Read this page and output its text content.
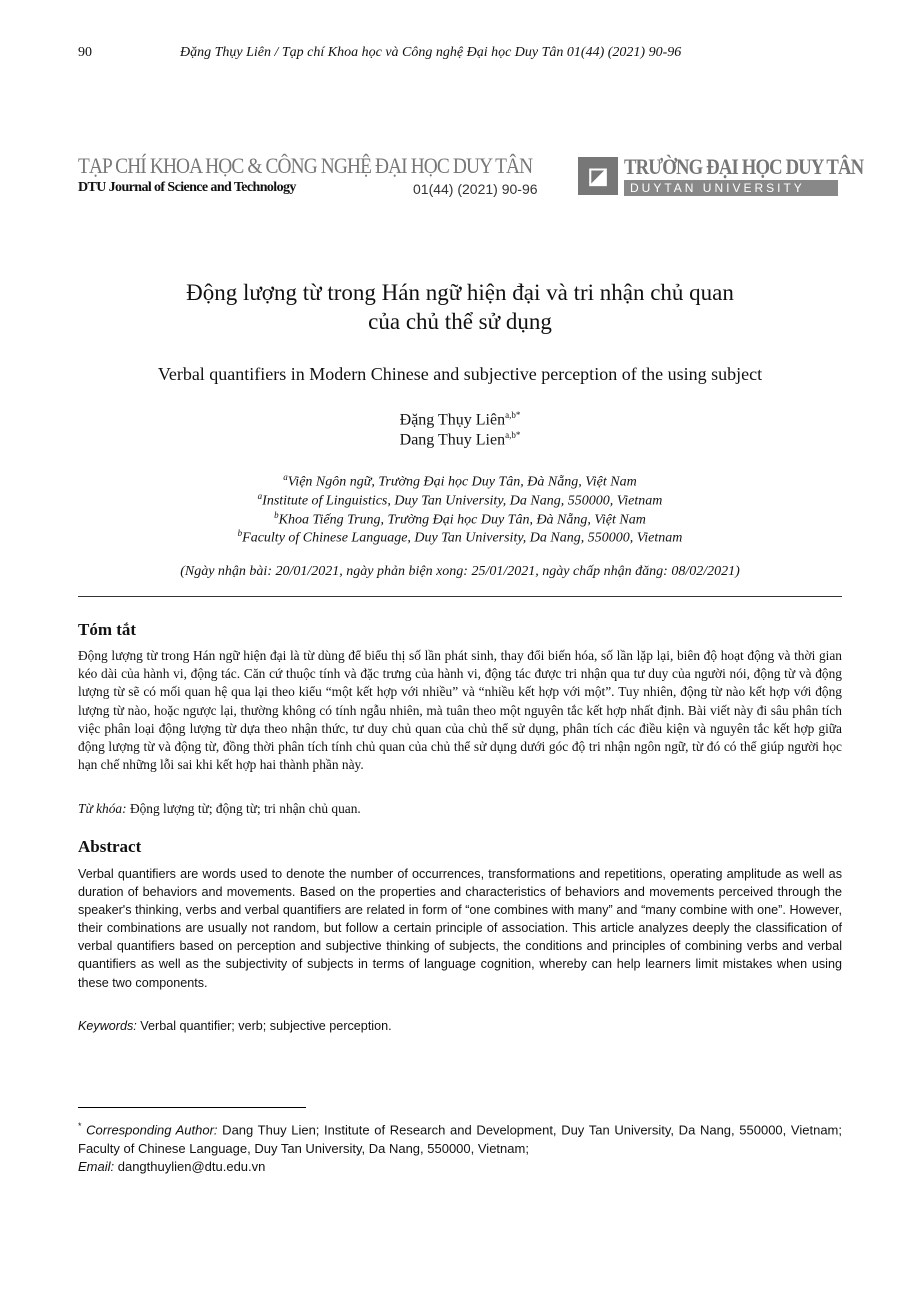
90	Đặng Thụy Liên / Tạp chí Khoa học và Công nghệ Đại học Duy Tân 01(44) (2021) 90-96
TẠP CHÍ KHOA HỌC & CÔNG NGHỆ ĐẠI HỌC DUY TÂN
DTU Journal of Science and Technology	01(44) (2021) 90-96
◪ TRƯỜNG ĐẠI HỌC DUY TÂN
DUYTAN UNIVERSITY
Động lượng từ trong Hán ngữ hiện đại và tri nhận chủ quan
của chủ thể sử dụng
Verbal quantifiers in Modern Chinese and subjective perception of the using subject
Đặng Thụy Liên$^{a,b*}$
Dang Thuy Lien$^{a,b*}$
$^a$Viện Ngôn ngữ, Trường Đại học Duy Tân, Đà Nẵng, Việt Nam
$^a$Institute of Linguistics, Duy Tan University, Da Nang, 550000, Vietnam
$^b$Khoa Tiếng Trung, Trường Đại học Duy Tân, Đà Nẵng, Việt Nam
$^b$Faculty of Chinese Language, Duy Tan University, Da Nang, 550000, Vietnam
(Ngày nhận bài: 20/01/2021, ngày phản biện xong: 25/01/2021, ngày chấp nhận đăng: 08/02/2021)
Tóm tắt
Động lượng từ trong Hán ngữ hiện đại là từ dùng để biểu thị số lần phát sinh, thay đổi biến hóa, số lần lặp lại, biên độ hoạt động và thời gian kéo dài của hành vi, động tác. Căn cứ thuộc tính và đặc trưng của hành vi, động tác được tri nhận qua tư duy của người nói, động từ và động lượng từ sẽ có mối quan hệ qua lại theo kiểu “một kết hợp với nhiều” và “nhiều kết hợp với một”. Tuy nhiên, động từ nào kết hợp với động lượng từ nào, hoặc ngược lại, thường không có tính ngẫu nhiên, mà tuân theo một nguyên tắc kết hợp nhất định. Bài viết này đi sâu phân tích việc phân loại động lượng từ dựa theo nhận thức, tư duy chủ quan của chủ thể sử dụng, phân tích các điều kiện và nguyên tắc kết hợp giữa động lượng từ và động từ, đồng thời phân tích tính chủ quan của chủ thể sử dụng dưới góc độ tri nhận ngôn ngữ, từ đó có thể giúp người học hạn chế những lỗi sai khi kết hợp hai thành phần này.
Từ khóa: Động lượng từ; động từ; tri nhận chủ quan.
Abstract
Verbal quantifiers are words used to denote the number of occurrences, transformations and repetitions, operating amplitude as well as duration of behaviors and movements. Based on the properties and characteristics of behaviors and movements perceived through the speaker's thinking, verbs and verbal quantifiers are related in form of “one combines with many” and “many combine with one”. However, their combinations are usually not random, but follow a certain principle of association. This article analyzes deeply the classification of verbal quantifiers based on perception and subjective thinking of subjects, the conditions and principles of combining verbs and verbal quantifiers as well as the subjectivity of subjects in terms of language cognition, whereby can help learners limit mistakes when using these two components.
Keywords: Verbal quantifier; verb; subjective perception.
* Corresponding Author: Dang Thuy Lien; Institute of Research and Development, Duy Tan University, Da Nang, 550000, Vietnam; Faculty of Chinese Language, Duy Tan University, Da Nang, 550000, Vietnam;
Email: dangthuylien@dtu.edu.vn
